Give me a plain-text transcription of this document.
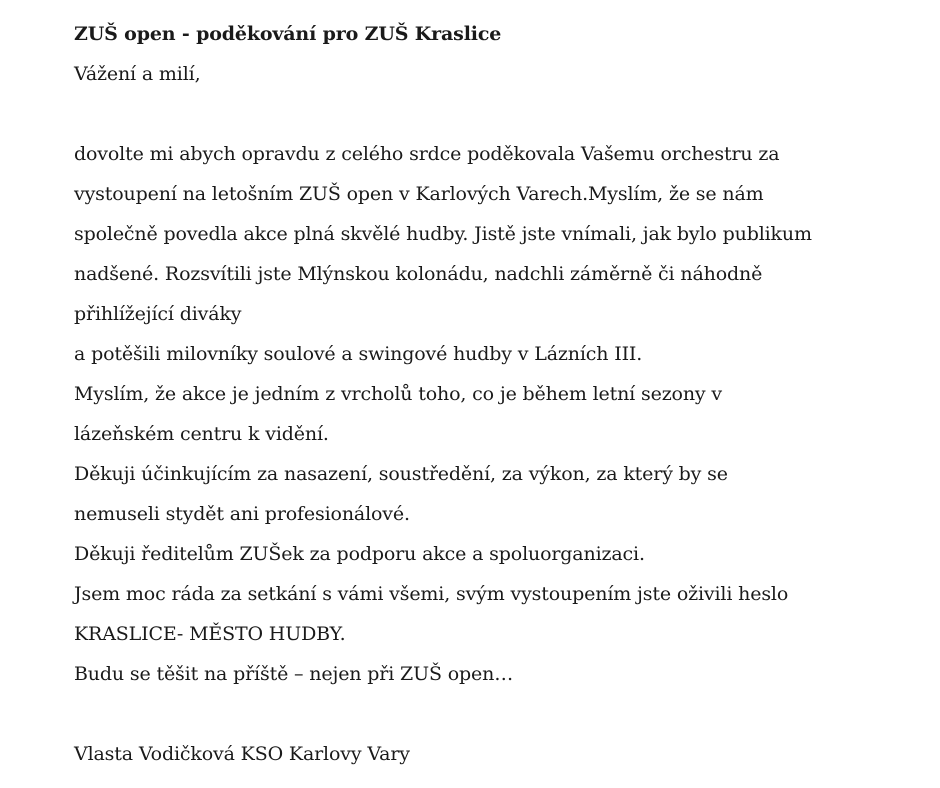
ZUŠ open - poděkování pro ZUŠ Kraslice
Vážení a milí,
dovolte mi abych opravdu z celého srdce poděkovala Vašemu orchestru za
vystoupení na letošním ZUŠ open v Karlových Varech.Myslím, že se nám
společně povedla akce plná skvělé hudby. Jistě jste vnímali, jak bylo publikum
nadšené. Rozsvítili jste Mlýnskou kolonádu, nadchli záměrně či náhodně
přihlížející diváky
a potěšili milovníky soulové a swingové hudby v Lázních III.
Myslím, že akce je jedním z vrcholů toho, co je během letní sezony v
lázeňském centru k vidění.
Děkuji účinkujícím za nasazení, soustředění, za výkon, za který by se
nemuseli stydět ani profesionálové.
Děkuji ředitelům ZUŠek za podporu akce a spoluorganizaci.
Jsem moc ráda za setkání s vámi všemi, svým vystoupením jste oživili heslo
KRASLICE- MĚSTO HUDBY.
Budu se těšit na příště – nejen při ZUŠ open…
Vlasta Vodičková KSO Karlovy Vary
